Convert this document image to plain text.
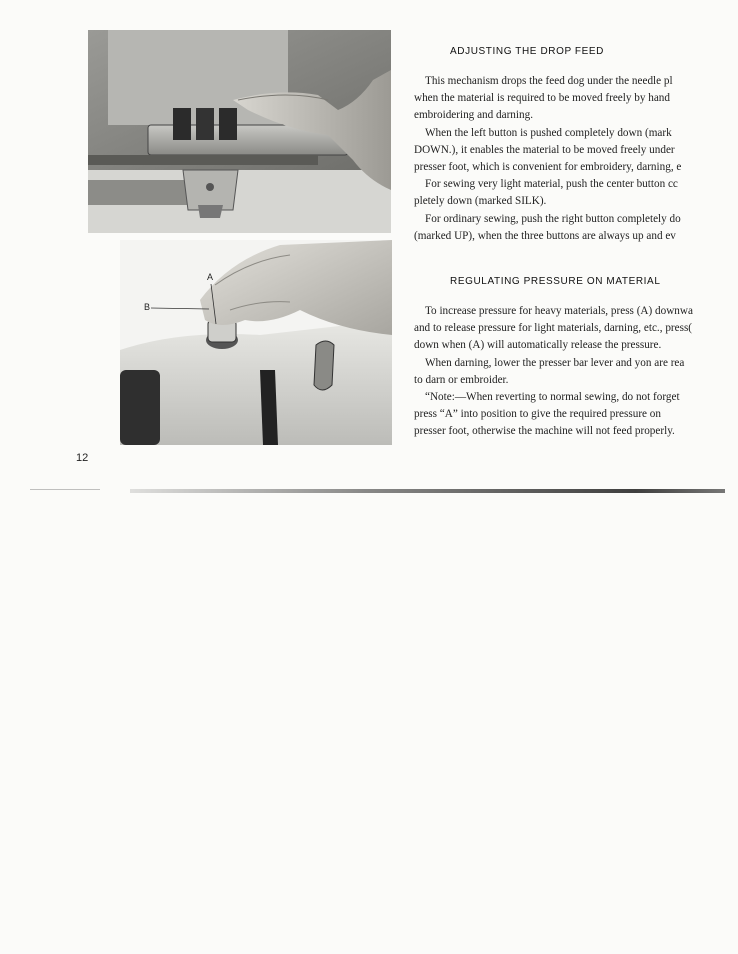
A
B
ADJUSTING THE DROP FEED

This mechanism drops the feed dog under the needle pl

when the material is required to be moved freely by hand

embroidering and darning.

When the left button is pushed completely down (mark

DOWN.), it enables the material to be moved freely under

presser foot, which is convenient for embroidery, darning, e

For sewing very light material, push the center button cc

pletely down (marked SILK).

For ordinary sewing, push the right button completely do

(marked UP), when the three buttons are always up and ev

REGULATING PRESSURE ON MATERIAL

To increase pressure for heavy materials, press (A) downwa

and to release pressure for light materials, darning, etc., press(

down when (A) will automatically release the pressure.

When darning, lower the presser bar lever and yon are rea

to darn or embroider.

“Note:—When reverting to normal sewing, do not forget

press “A” into position to give the required pressure on

presser foot, otherwise the machine will not feed properly.

12
